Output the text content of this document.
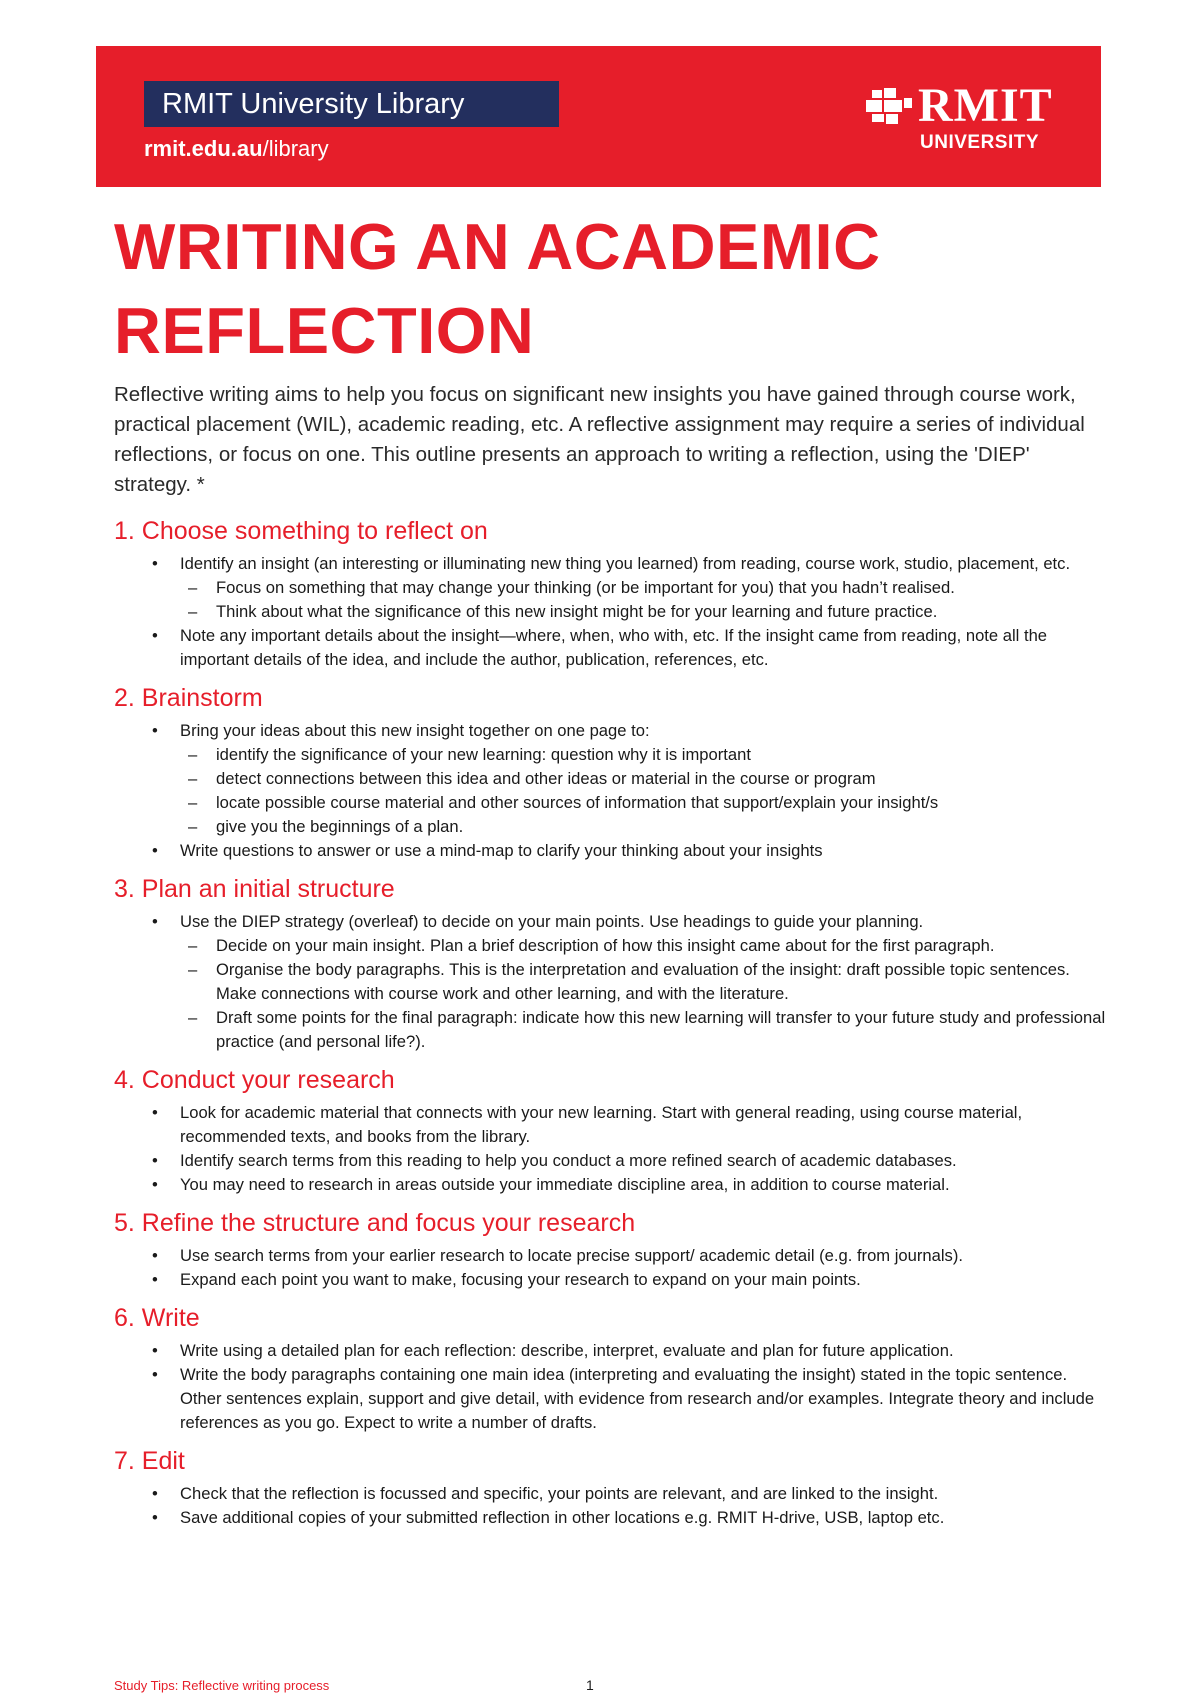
RMIT University Library
rmit.edu.au/library
RMIT
UNIVERSITY
WRITING AN ACADEMIC REFLECTION

Reflective writing aims to help you focus on significant new insights you have gained through course work, practical placement (WIL), academic reading, etc. A reflective assignment may require a series of individual reflections, or focus on one. This outline presents an approach to writing a reflection, using the 'DIEP' strategy. *

1. Choose something to reflect on
• Identify an insight (an interesting or illuminating new thing you learned) from reading, course work, studio, placement, etc.
– Focus on something that may change your thinking (or be important for you) that you hadn’t realised.
– Think about what the significance of this new insight might be for your learning and future practice.
• Note any important details about the insight—where, when, who with, etc. If the insight came from reading, note all the important details of the idea, and include the author, publication, references, etc.
2. Brainstorm
• Bring your ideas about this new insight together on one page to:
– identify the significance of your new learning: question why it is important
– detect connections between this idea and other ideas or material in the course or program
– locate possible course material and other sources of information that support/explain your insight/s
– give you the beginnings of a plan.
• Write questions to answer or use a mind-map to clarify your thinking about your insights
3. Plan an initial structure
• Use the DIEP strategy (overleaf) to decide on your main points. Use headings to guide your planning.
– Decide on your main insight. Plan a brief description of how this insight came about for the first paragraph.
– Organise the body paragraphs. This is the interpretation and evaluation of the insight: draft possible topic sentences. Make connections with course work and other learning, and with the literature.
– Draft some points for the final paragraph: indicate how this new learning will transfer to your future study and professional practice (and personal life?).
4. Conduct your research
• Look for academic material that connects with your new learning. Start with general reading, using course material, recommended texts, and books from the library.
• Identify search terms from this reading to help you conduct a more refined search of academic databases.
• You may need to research in areas outside your immediate discipline area, in addition to course material.
5. Refine the structure and focus your research
• Use search terms from your earlier research to locate precise support/ academic detail (e.g. from journals).
• Expand each point you want to make, focusing your research to expand on your main points.
6. Write
• Write using a detailed plan for each reflection: describe, interpret, evaluate and plan for future application.
• Write the body paragraphs containing one main idea (interpreting and evaluating the insight) stated in the topic sentence. Other sentences explain, support and give detail, with evidence from research and/or examples. Integrate theory and include references as you go. Expect to write a number of drafts.
7. Edit
• Check that the reflection is focussed and specific, your points are relevant, and are linked to the insight.
• Save additional copies of your submitted reflection in other locations e.g. RMIT H-drive, USB, laptop etc.
Study Tips: Reflective writing process	1
